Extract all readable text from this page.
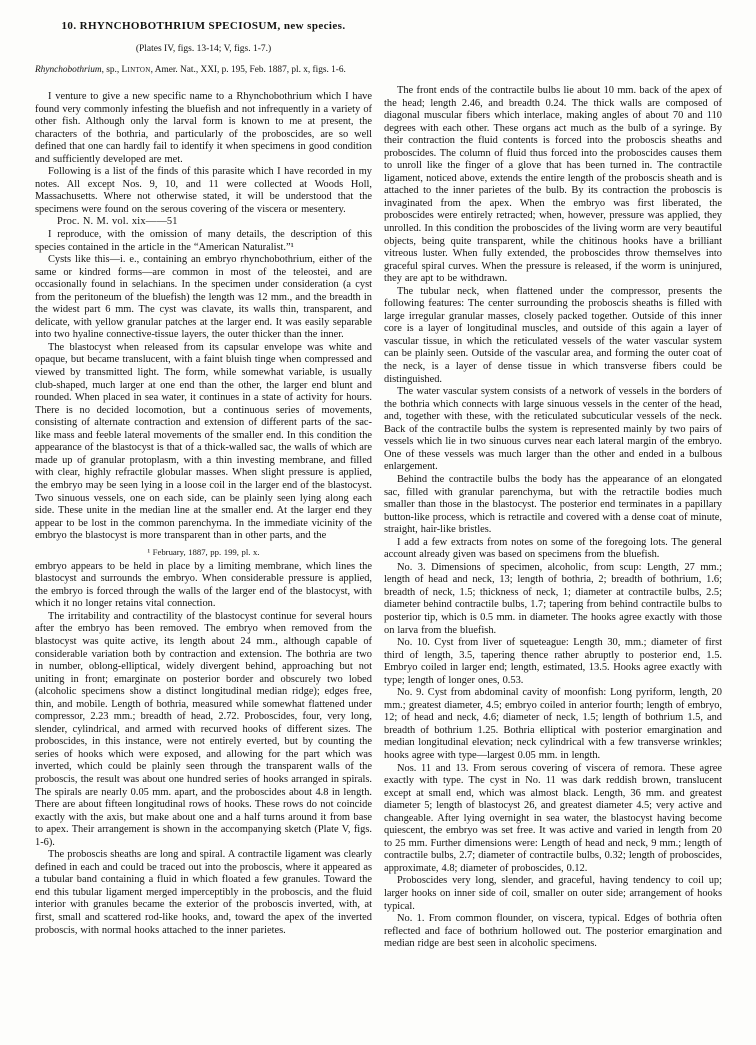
10. RHYNCHOBOTHRIUM SPECIOSUM, new species.
(Plates IV, figs. 13-14; V, figs. 1-7.)
Rhynchobothrium, sp., Linton, Amer. Nat., XXI, p. 195, Feb. 1887, pl. x, figs. 1-6.

I venture to give a new specific name to a Rhynchobothrium which I have found very commonly infesting the bluefish and not infrequently in a variety of other fish. Although only the larval form is known to me at present, the characters of the bothria, and particularly of the proboscides, are so well defined that one can hardly fail to identify it when specimens in good condition and sufficiently developed are met.

Following is a list of the finds of this parasite which I have recorded in my notes. All except Nos. 9, 10, and 11 were collected at Woods Holl, Massachusetts. Where not otherwise stated, it will be understood that the specimens were found on the serous covering of the viscera or mesentery.

Proc. N. M. vol. xix——51

I reproduce, with the omission of many details, the description of this species contained in the article in the “American Naturalist.”¹

Cysts like this—i. e., containing an embryo rhynchobothrium, either of the same or kindred forms—are common in most of the teleostei, and are occasionally found in selachians. In the specimen under consideration (a cyst from the peritoneum of the bluefish) the length was 12 mm., and the breadth in the widest part 6 mm. The cyst was clavate, its walls thin, transparent, and delicate, with yellow granular patches at the larger end. It was easily separable into two hyaline connective-tissue layers, the outer thicker than the inner.

The blastocyst when released from its capsular envelope was white and opaque, but became translucent, with a faint bluish tinge when compressed and viewed by transmitted light. The form, while somewhat variable, is usually club-shaped, much larger at one end than the other, the larger end blunt and rounded. When placed in sea water, it continues in a state of activity for hours. There is no decided locomotion, but a continuous series of movements, consisting of alternate contraction and extension of different parts of the sac-like mass and feeble lateral movements of the smaller end. In this condition the appearance of the blastocyst is that of a thick-walled sac, the walls of which are made up of granular protoplasm, with a thin investing membrane, and filled with clear, highly refractile globular masses. When slight pressure is applied, the embryo may be seen lying in a loose coil in the larger end of the blastocyst. Two sinuous vessels, one on each side, can be plainly seen lying along each side. These unite in the median line at the smaller end. At the larger end they appear to be lost in the common parenchyma. In the immediate vicinity of the embryo the blastocyst is more transparent than in other parts, and the

¹ February, 1887, pp. 199, pl. x.

embryo appears to be held in place by a limiting membrane, which lines the blastocyst and surrounds the embryo. When considerable pressure is applied, the embryo is forced through the walls of the larger end of the blastocyst, with which it no longer retains vital connection.

The irritability and contractility of the blastocyst continue for several hours after the embryo has been removed. The embryo when removed from the blastocyst was quite active, its length about 24 mm., although capable of considerable variation both by contraction and extension. The bothria are two in number, oblong-elliptical, widely divergent behind, approaching but not uniting in front; emarginate on posterior border and obscurely two lobed (alcoholic specimens show a distinct longitudinal median ridge); edges free, thin, and mobile. Length of bothria, measured while somewhat flattened under compressor, 2.23 mm.; breadth of head, 2.72. Proboscides, four, very long, slender, cylindrical, and armed with recurved hooks of different sizes. The proboscides, in this instance, were not entirely everted, but by counting the series of hooks which were exposed, and allowing for the part which was inverted, which could be plainly seen through the transparent walls of the proboscis, the result was about one hundred series of hooks arranged in spirals. The spirals are nearly 0.05 mm. apart, and the proboscides about 4.8 in length. There are about fifteen longitudinal rows of hooks. These rows do not coincide exactly with the axis, but make about one and a half turns around it from base to apex. Their arrangement is shown in the accompanying sketch (Plate V, figs. 1-6).

The proboscis sheaths are long and spiral. A contractile ligament was clearly defined in each and could be traced out into the proboscis, where it appeared as a tubular band containing a fluid in which floated a few granules. Toward the end this tubular ligament merged imperceptibly in the proboscis, and the fluid interior with granules became the exterior of the proboscis inverted, with, at first, small and scattered rod-like hooks, and, toward the apex of the inverted proboscis, with normal hooks attached to the inner parietes.

The front ends of the contractile bulbs lie about 10 mm. back of the apex of the head; length 2.46, and breadth 0.24. The thick walls are composed of diagonal muscular fibers which interlace, making angles of about 70 and 110 degrees with each other. These organs act much as the bulb of a syringe. By their contraction the fluid contents is forced into the proboscis sheaths and proboscides. The column of fluid thus forced into the proboscides causes them to unroll like the finger of a glove that has been turned in. The contractile ligament, noticed above, extends the entire length of the proboscis sheath and is attached to the inner parietes of the bulb. By its contraction the proboscis is invaginated from the apex. When the embryo was first liberated, the proboscides were entirely retracted; when, however, pressure was applied, they unrolled. In this condition the proboscides of the living worm are very beautiful objects, being quite transparent, while the chitinous hooks have a brilliant vitreous luster. When fully extended, the proboscides throw themselves into graceful spiral curves. When the pressure is released, if the worm is uninjured, they are apt to be withdrawn.

The tubular neck, when flattened under the compressor, presents the following features: The center surrounding the proboscis sheaths is filled with large irregular granular masses, closely packed together. Outside of this inner core is a layer of longitudinal muscles, and outside of this again a layer of vascular tissue, in which the reticulated vessels of the water vascular system can be plainly seen. Outside of the vascular area, and forming the outer coat of the neck, is a layer of dense tissue in which transverse fibers could be distinguished.

The water vascular system consists of a network of vessels in the borders of the bothria which connects with large sinuous vessels in the center of the head, and, together with these, with the reticulated subcuticular vessels of the neck. Back of the contractile bulbs the system is represented mainly by two pairs of vessels which lie in two sinuous curves near each lateral margin of the embryo. One of these vessels was much larger than the other and ended in a bulbous enlargement.

Behind the contractile bulbs the body has the appearance of an elongated sac, filled with granular parenchyma, but with the retractile bodies much smaller than those in the blastocyst. The posterior end terminates in a papillary button-like process, which is retractile and covered with a dense coat of minute, straight, hair-like bristles.

I add a few extracts from notes on some of the foregoing lots. The general account already given was based on specimens from the bluefish.

No. 3. Dimensions of specimen, alcoholic, from scup: Length, 27 mm.; length of head and neck, 13; length of bothria, 2; breadth of bothrium, 1.6; breadth of neck, 1.5; thickness of neck, 1; diameter at contractile bulbs, 2.5; diameter behind contractile bulbs, 1.7; tapering from behind contractile bulbs to posterior tip, which is 0.5 mm. in diameter. The hooks agree exactly with those on larva from the bluefish.

No. 10. Cyst from liver of squeteague: Length 30, mm.; diameter of first third of length, 3.5, tapering thence rather abruptly to posterior end, 1.5. Embryo coiled in larger end; length, estimated, 13.5. Hooks agree exactly with type; length of longer ones, 0.53.

No. 9. Cyst from abdominal cavity of moonfish: Long pyriform, length, 20 mm.; greatest diameter, 4.5; embryo coiled in anterior fourth; length of embryo, 12; of head and neck, 4.6; diameter of neck, 1.5; length of bothrium 1.5, and breadth of bothrium 1.25. Bothria elliptical with posterior emargination and median longitudinal elevation; neck cylindrical with a few transverse wrinkles; hooks agree with type—largest 0.05 mm. in length.

Nos. 11 and 13. From serous covering of viscera of remora. These agree exactly with type. The cyst in No. 11 was dark reddish brown, translucent except at small end, which was almost black. Length, 36 mm. and greatest diameter 5; length of blastocyst 26, and greatest diameter 4.5; very active and changeable. After lying overnight in sea water, the blastocyst having become quiescent, the embryo was set free. It was active and varied in length from 20 to 25 mm. Further dimensions were: Length of head and neck, 9 mm.; length of contractile bulbs, 2.7; diameter of contractile bulbs, 0.32; length of proboscides, approximate, 4.8; diameter of proboscides, 0.12.

Proboscides very long, slender, and graceful, having tendency to coil up; larger hooks on inner side of coil, smaller on outer side; arrangement of hooks typical.

No. 1. From common flounder, on viscera, typical. Edges of bothria often reflected and face of bothrium hollowed out. The posterior emargination and median ridge are best seen in alcoholic specimens.
